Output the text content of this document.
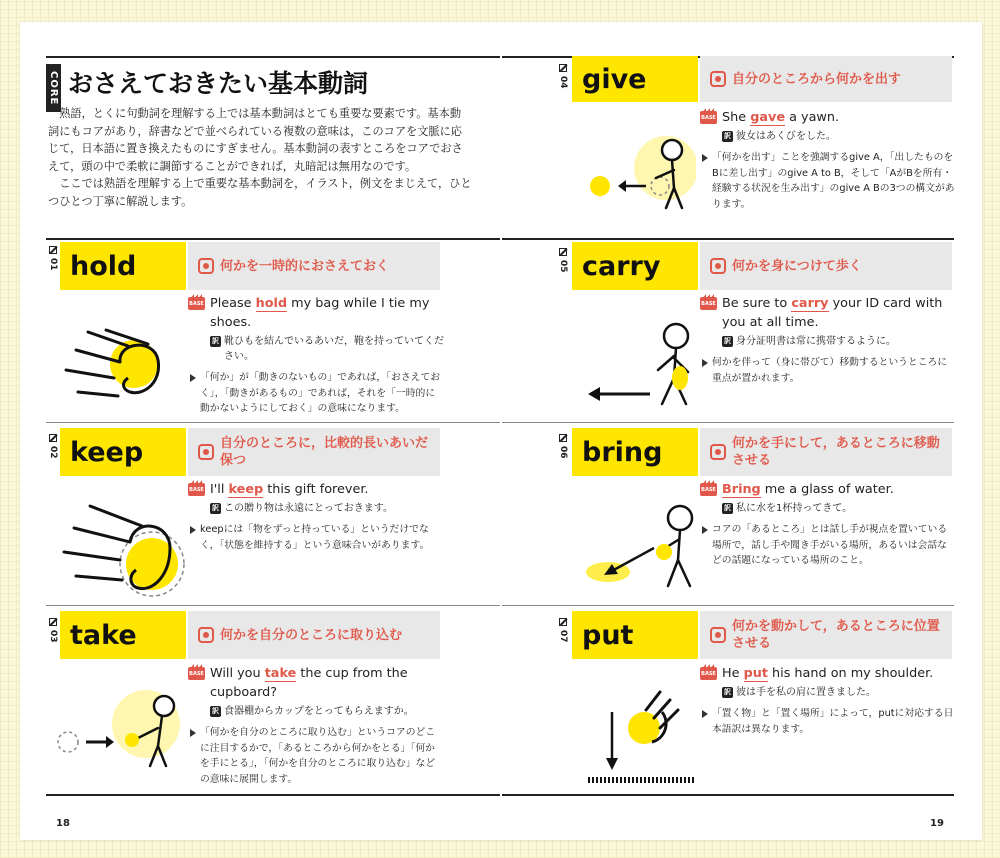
CORE おさえておきたい基本動詞

熟語，とくに句動詞を理解する上では基本動詞はとても重要な要素です。基本動詞にもコアがあり，辞書などで並べられている複数の意味は，このコアを文脈に応じて，日本語に置き換えたものにすぎません。基本動詞の表すところをコアでおさえて，頭の中で柔軟に調節することができれば，丸暗記は無用なのです。

ここでは熟語を理解する上で重要な基本動詞を，イラスト，例文をまじえて，ひとつひとつ丁寧に解説します。

01 hold	何かを一時的におさえておく
BASE Please hold my bag while I tie my shoes.
訳 靴ひもを結んでいるあいだ，鞄を持っていてください。
「何か」が「動きのないもの」であれば，「おさえておく」，「動きがあるもの」であれば，それを「一時的に動かないようにしておく」の意味になります。
02 keep	自分のところに，比較的長いあいだ保つ
BASE I'll keep this gift forever.
訳 この贈り物は永遠にとっておきます。
keepには「物をずっと持っている」というだけでなく，「状態を維持する」という意味合いがあります。
03 take	何かを自分のところに取り込む
BASE Will you take the cup from the cupboard?
訳 食器棚からカップをとってもらえますか。
「何かを自分のところに取り込む」というコアのどこに注目するかで，「あるところから何かをとる」「何かを手にとる」，「何かを自分のところに取り込む」などの意味に展開します。
18
04 give	自分のところから何かを出す
BASE She gave a yawn.
訳 彼女はあくびをした。
「何かを出す」ことを強調するgive A，「出したものをBに差し出す」のgive A to B，そして「AがBを所有・経験する状況を生み出す」のgive A Bの3つの構文があります。
05 carry	何かを身につけて歩く
BASE Be sure to carry your ID card with you at all time.
訳 身分証明書は常に携帯するように。
何かを伴って（身に帯びて）移動するというところに重点が置かれます。
06 bring	何かを手にして，あるところに移動させる
BASE Bring me a glass of water.
訳 私に水を1杯持ってきて。
コアの「あるところ」とは話し手が視点を置いている場所で，話し手や聞き手がいる場所，あるいは会話などの話題になっている場所のこと。
07 put	何かを動かして，あるところに位置させる
BASE He put his hand on my shoulder.
訳 彼は手を私の肩に置きました。
「置く物」と「置く場所」によって，putに対応する日本語訳は異なります。
19
